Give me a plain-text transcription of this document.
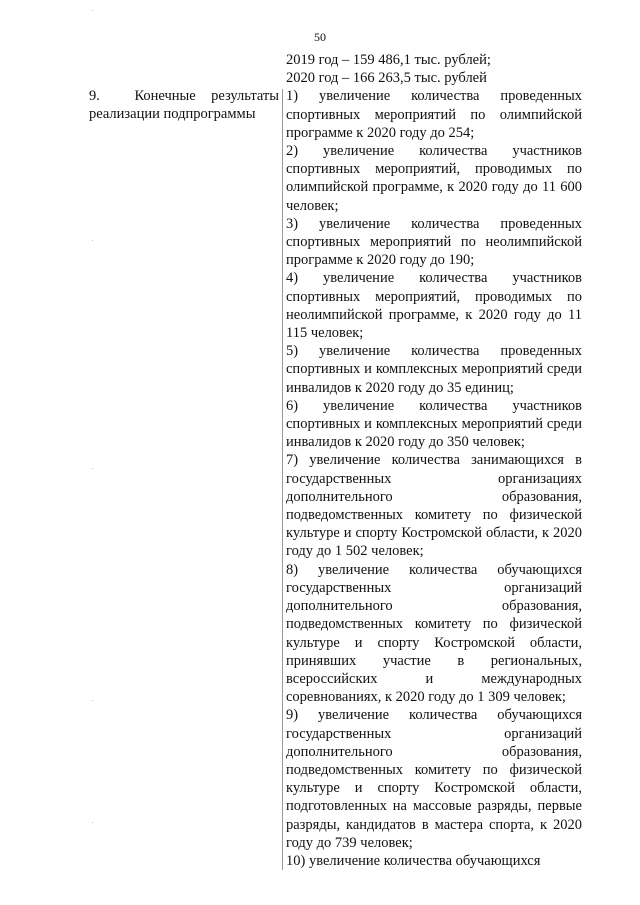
50
9. Конечные результаты реализации подпрограммы
2019 год – 159 486,1 тыс. рублей;
2020 год – 166 263,5 тыс. рублей
1) увеличение количества проведенных спортивных мероприятий по олимпийской программе к 2020 году до 254;
2) увеличение количества участников спортивных мероприятий, проводимых по олимпийской программе, к 2020 году до 11 600 человек;
3) увеличение количества проведенных спортивных мероприятий по неолимпийской программе к 2020 году до 190;
4) увеличение количества участников спортивных мероприятий, проводимых по неолимпийской программе, к 2020 году до 11 115 человек;
5) увеличение количества проведенных спортивных и комплексных мероприятий среди инвалидов к 2020 году до 35 единиц;
6) увеличение количества участников спортивных и комплексных мероприятий среди инвалидов к 2020 году до 350 человек;
7) увеличение количества занимающихся в государственных организациях дополнительного образования, подведомственных комитету по физической культуре и спорту Костромской области, к 2020 году до 1 502 человек;
8) увеличение количества обучающихся государственных организаций дополнительного образования, подведомственных комитету по физической культуре и спорту Костромской области, принявших участие в региональных, всероссийских и международных соревнованиях, к 2020 году до 1 309 человек;
9) увеличение количества обучающихся государственных организаций дополнительного образования, подведомственных комитету по физической культуре и спорту Костромской области, подготовленных на массовые разряды, первые разряды, кандидатов в мастера спорта, к 2020 году до 739 человек;
10) увеличение количества обучающихся
